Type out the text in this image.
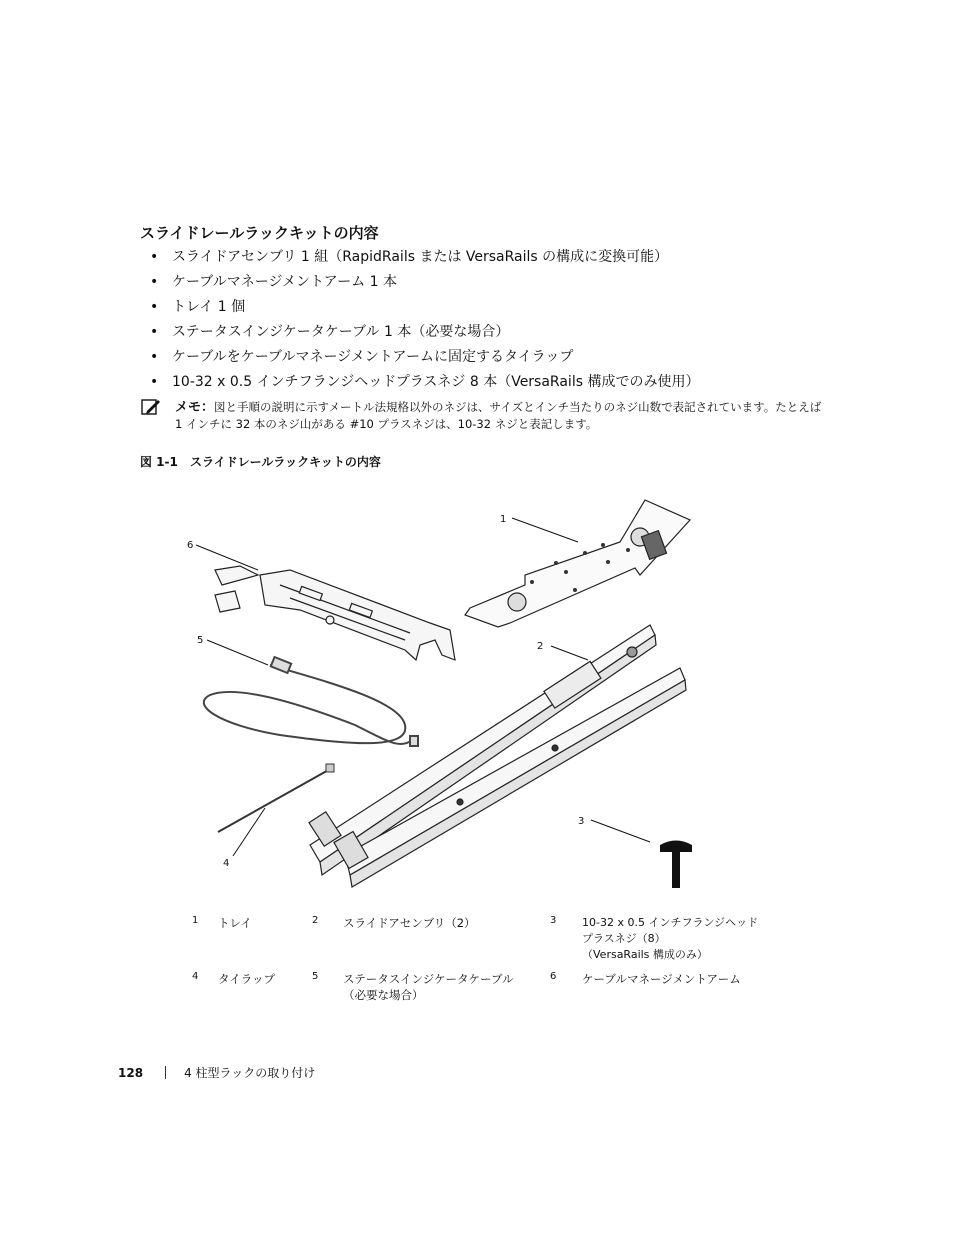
スライドレールラックキットの内容
• スライドアセンブリ 1 組（RapidRails または VersaRails の構成に変換可能）
• ケーブルマネージメントアーム 1 本
• トレイ 1 個
• ステータスインジケータケーブル 1 本（必要な場合）
• ケーブルをケーブルマネージメントアームに固定するタイラップ
• 10-32 x 0.5 インチフランジヘッドプラスネジ 8 本（VersaRails 構成でのみ使用）
メモ：図と手順の説明に示すメートル法規格以外のネジは、サイズとインチ当たりのネジ山数で表記されています。たとえば 1 インチに 32 本のネジ山がある #10 プラスネジは、10-32 ネジと表記します。
図 1-1 スライドレールラックキットの内容
1
2
3
4
5
6
1 トレイ	2 スライドアセンブリ（2）	3 10-32 x 0.5 インチフランジヘッド
プラスネジ（8）
（VersaRails 構成のみ）
4 タイラップ	5 ステータスインジケータケーブル
（必要な場合）
6 ケーブルマネージメントアーム
128	4 柱型ラックの取り付け
